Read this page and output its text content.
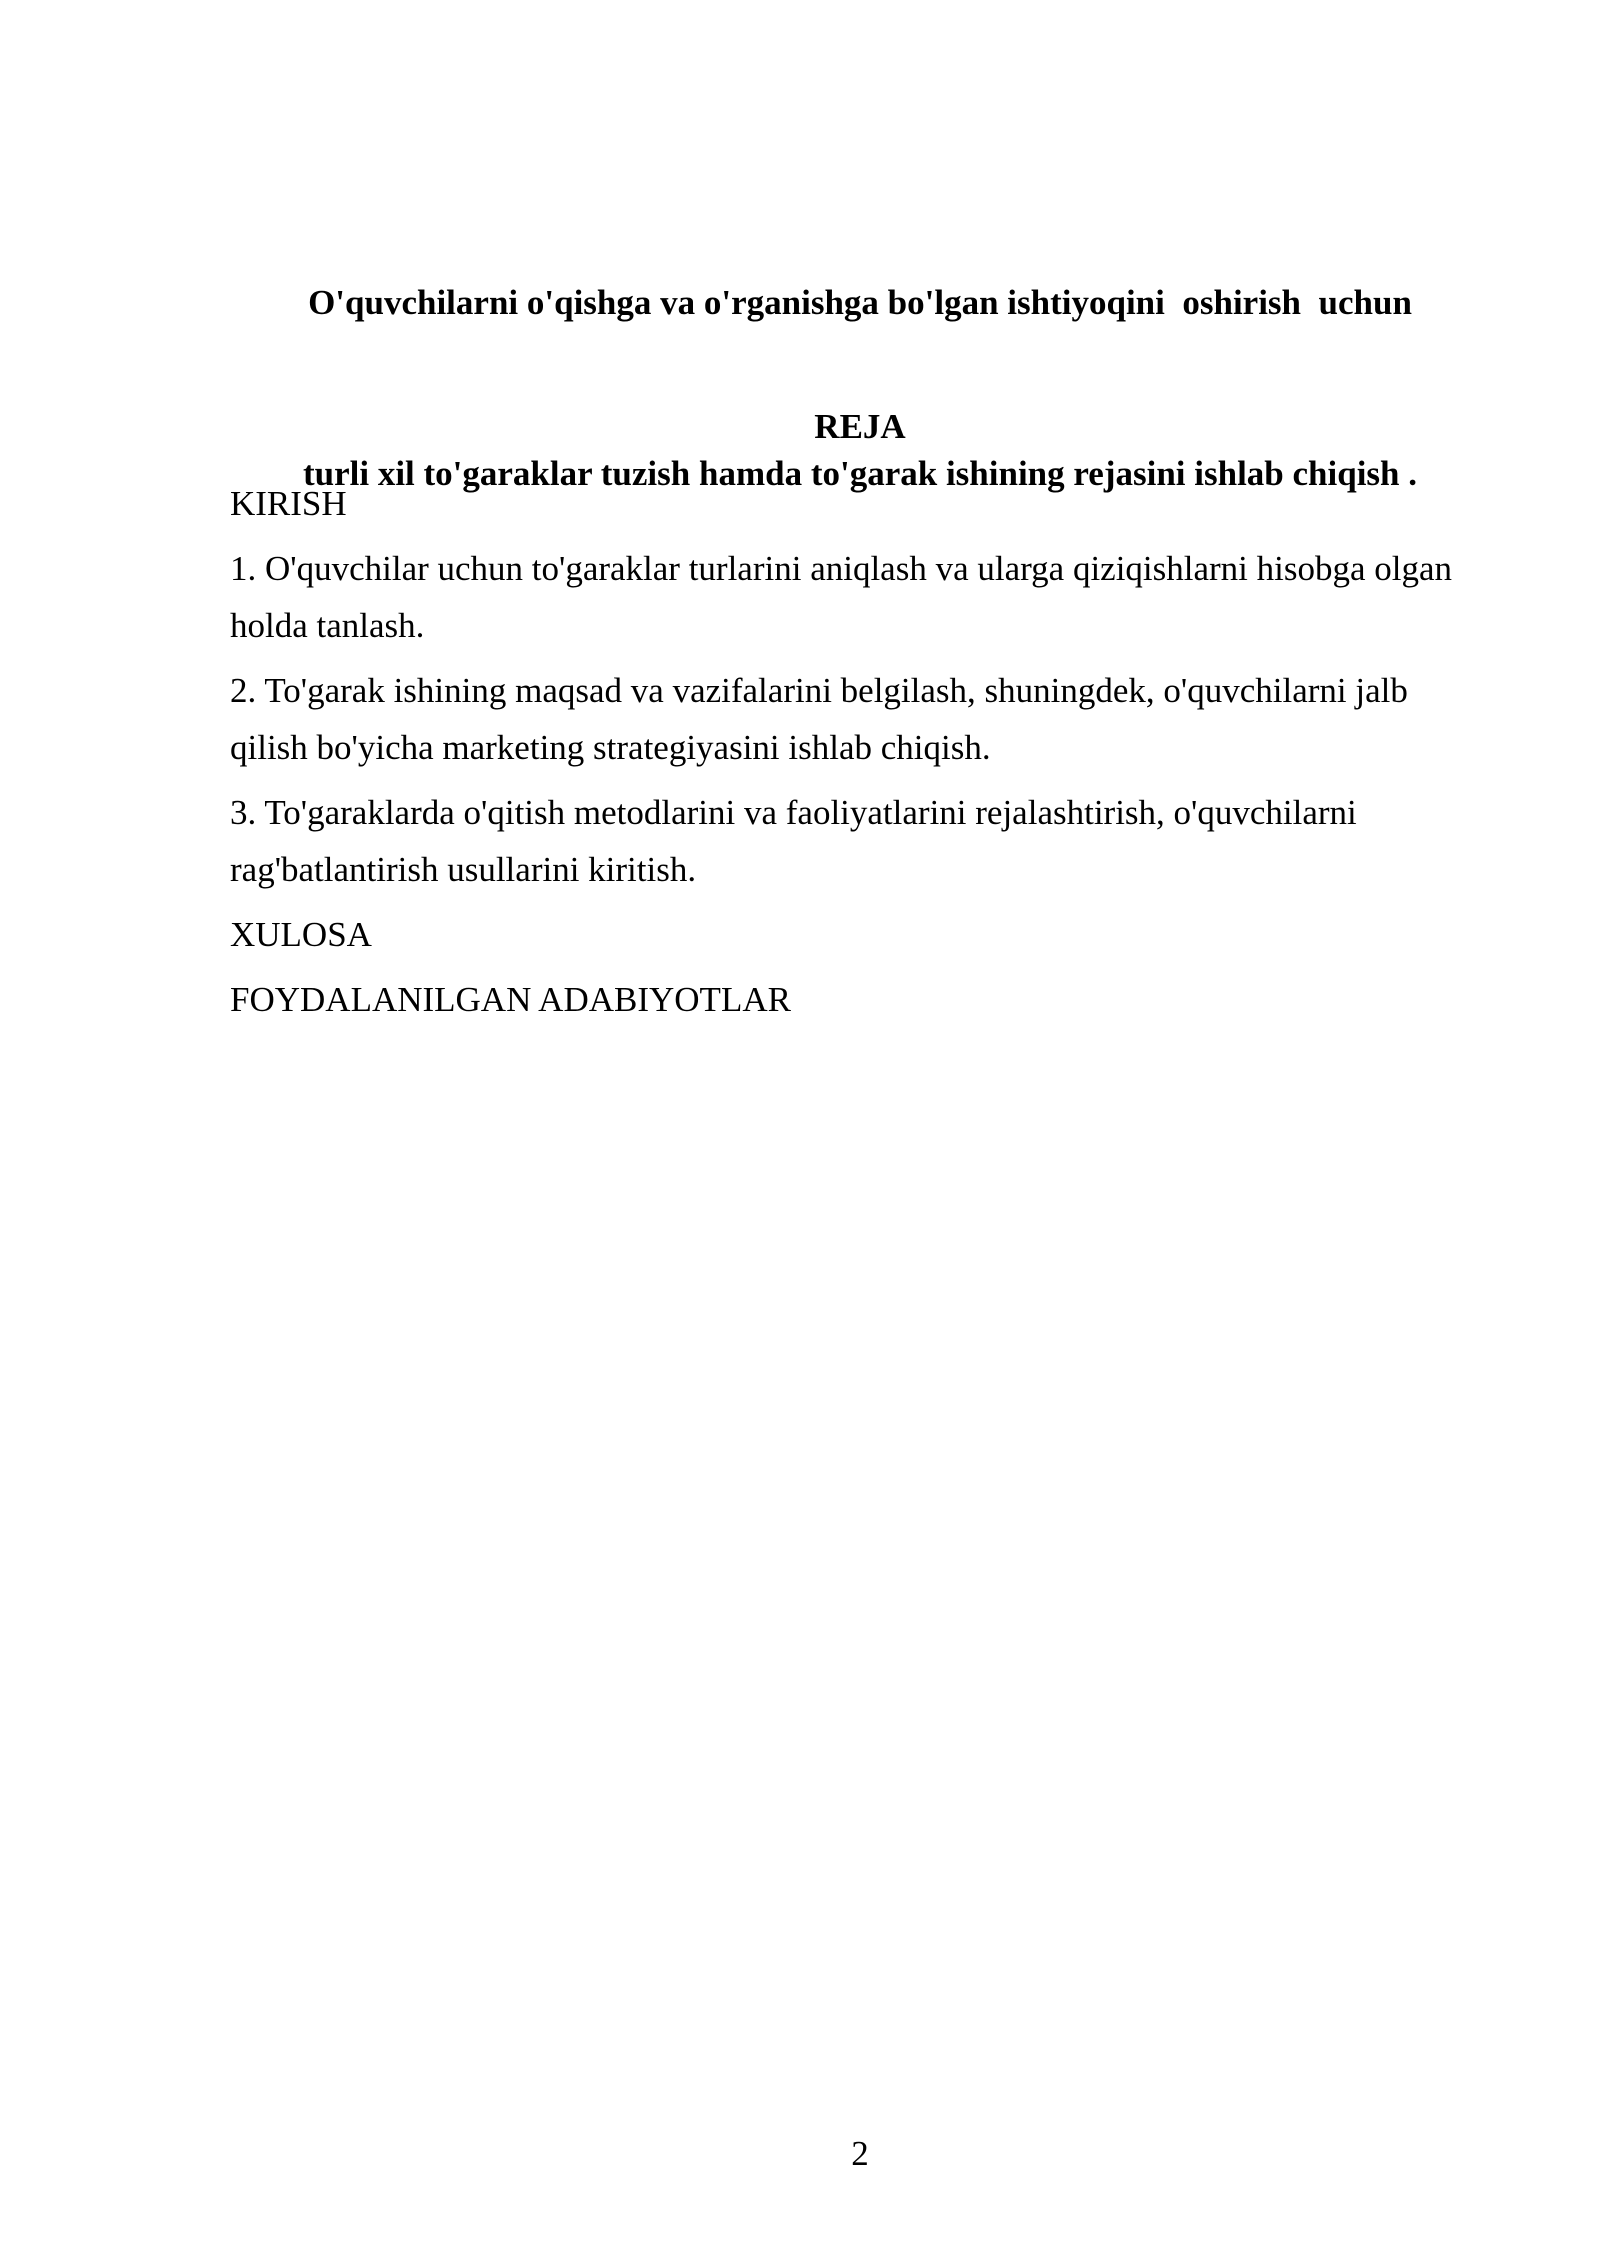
O'quvchilarni o'qishga va o'rganishga bo'lgan ishtiyoqini  oshirish  uchun

turli xil to'garaklar tuzish hamda to'garak ishining rejasini ishlab chiqish .

REJA

KIRISH

1. O'quvchilar uchun to'garaklar turlarini aniqlash va ularga qiziqishlarni hisobga olgan holda tanlash.

2. To'garak ishining maqsad va vazifalarini belgilash, shuningdek, o'quvchilarni jalb qilish bo'yicha marketing strategiyasini ishlab chiqish.

3. To'garaklarda o'qitish metodlarini va faoliyatlarini rejalashtirish, o'quvchilarni rag'batlantirish usullarini kiritish.

XULOSA

FOYDALANILGAN ADABIYOTLAR

2
